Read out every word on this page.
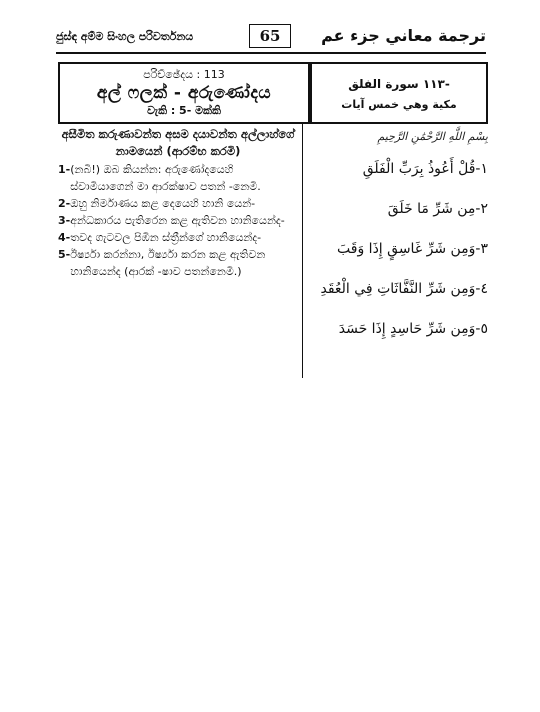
ජුස්ඳ අම්ම සිංහල පරිවර්තනය	65	ترجمة معاني جزء عم
පරිච්ඡේදය : 113
අල් ෆලක් - අරුණෝදය
වැකි : 5- මක්කි
-١١٣ سورة الفلق
مكية وهي خمس آيات
අසීමිත කරුණාවන්ත අසම දයාවන්ත අල්ලාහ්ගේ නාමයෙන් (ආරම්භ කරමි)
1- (නබි!) ඔබ කියන්න: අරුණෝදයෙහි ස්වාමියාගෙන් මා ආරක්ෂාව පතන් -නෙමි.
2- ඔහු නිර්මාණය කළ දෙයෙහි හානි යෙන්-
3- අන්ධකාරය පැතිරෙන කළ ඇතිවන හානියෙන්ද-
4- තවද ගැටවල පිඹින ස්ත්‍රීන්ගේ හානියෙන්ද-
5- ඊර්ෂ්‍යා කරන්නා, ඊර්ෂ්‍යා කරන කළ ඇතිවන හානියෙන්ද (ආරක් -ෂාව පතන්නෙමි.)
بِسْمِ اللَّهِ الرَّحْمَٰنِ الرَّحِيمِ
١-قُلْ أَعُوذُ بِرَبِّ الْفَلَقِ
٢-مِن شَرِّ مَا خَلَقَ
٣-وَمِن شَرِّ غَاسِقٍ إِذَا وَقَبَ
٤-وَمِن شَرِّ النَّفَّاثَاتِ فِي الْعُقَدِ
٥-وَمِن شَرِّ حَاسِدٍ إِذَا حَسَدَ
